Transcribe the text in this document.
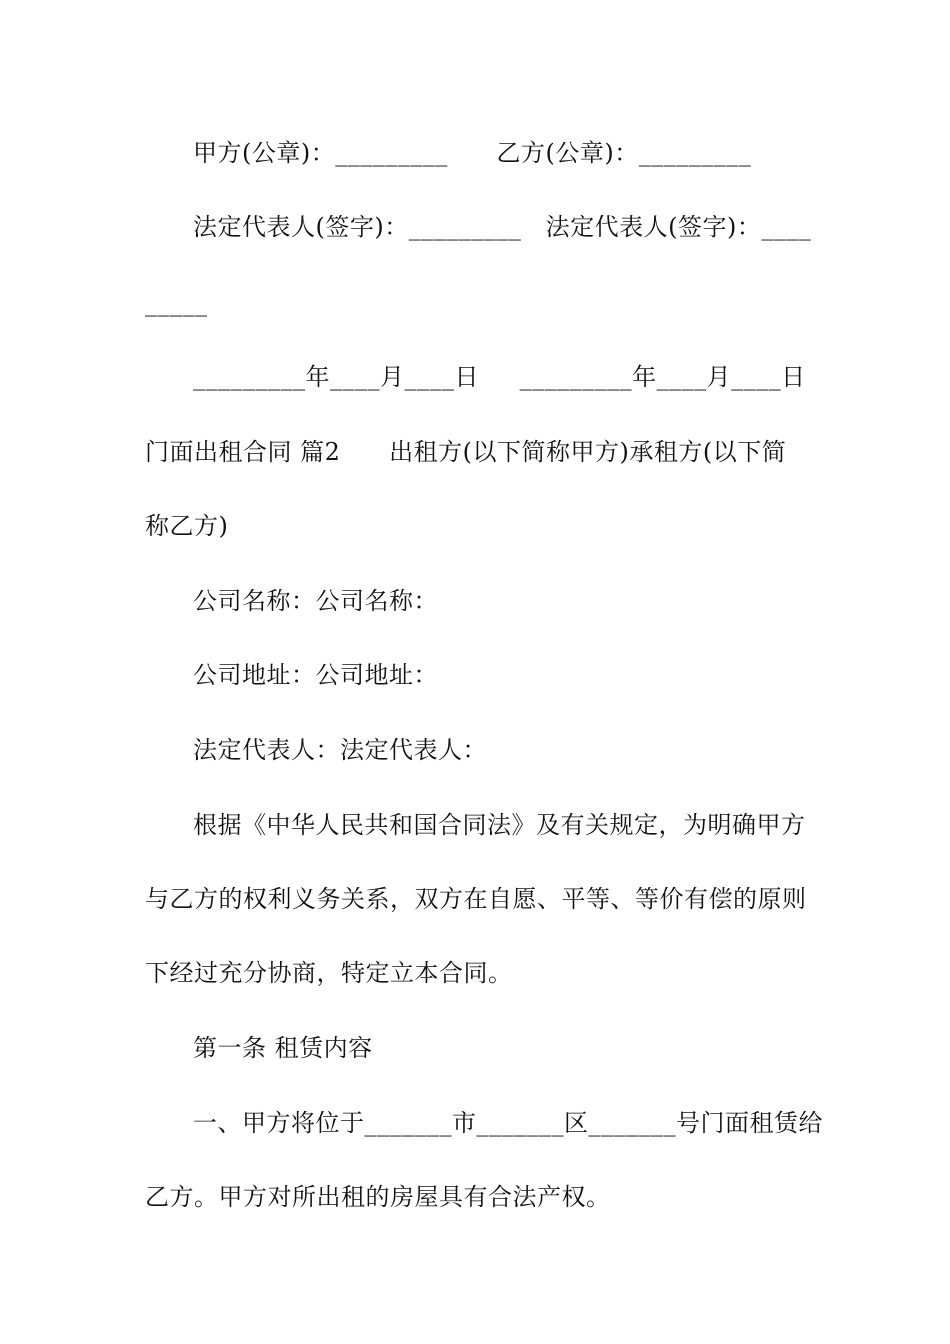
甲方(公章)：_________      乙方(公章)：_________
法定代表人(签字)：_________   法定代表人(签字)：____
_____
_________年____月____日     _________年____月____日
门面出租合同 篇2      出租方(以下简称甲方)承租方(以下简
称乙方)
公司名称：公司名称：
公司地址：公司地址：
法定代表人：法定代表人：
根据《中华人民共和国合同法》及有关规定，为明确甲方
与乙方的权利义务关系，双方在自愿、平等、等价有偿的原则
下经过充分协商，特定立本合同。
第一条 租赁内容
一、甲方将位于_______市_______区_______号门面租赁给
乙方。甲方对所出租的房屋具有合法产权。
